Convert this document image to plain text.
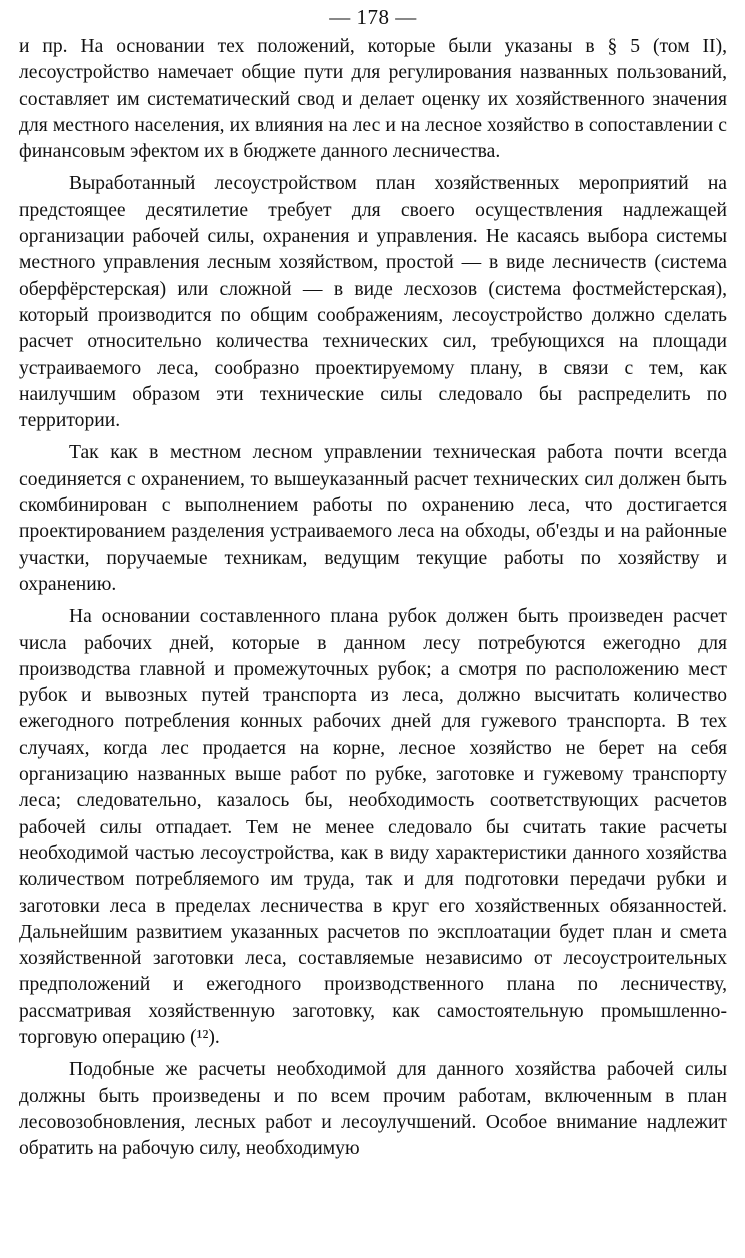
— 178 —

и пр. На основании тех положений, которые были указаны в § 5 (том II), лесоустройство намечает общие пути для регулирования названных пользований, составляет им систематический свод и делает оценку их хозяйственного значения для местного населения, их влияния на лес и на лесное хозяйство в сопоставлении с финансовым эфектом их в бюджете данного лесничества.

Выработанный лесоустройством план хозяйственных мероприятий на предстоящее десятилетие требует для своего осуществления надлежащей организации рабочей силы, охранения и управления. Не касаясь выбора системы местного управления лесным хозяйством, простой — в виде лесничеств (система оберфёрстерская) или сложной — в виде лесхозов (система фостмейстерская), который производится по общим соображениям, лесоустройство должно сделать расчет относительно количества технических сил, требующихся на площади устраиваемого леса, сообразно проектируемому плану, в связи с тем, как наилучшим образом эти технические силы следовало бы распределить по территории.

Так как в местном лесном управлении техническая работа почти всегда соединяется с охранением, то вышеуказанный расчет технических сил должен быть скомбинирован с выполнением работы по охранению леса, что достигается проектированием разделения устраиваемого леса на обходы, об'езды и на районные участки, поручаемые техникам, ведущим текущие работы по хозяйству и охранению.

На основании составленного плана рубок должен быть произведен расчет числа рабочих дней, которые в данном лесу потребуются ежегодно для производства главной и промежуточных рубок; а смотря по расположению мест рубок и вывозных путей транспорта из леса, должно высчитать количество ежегодного потребления конных рабочих дней для гужевого транспорта. В тех случаях, когда лес продается на корне, лесное хозяйство не берет на себя организацию названных выше работ по рубке, заготовке и гужевому транспорту леса; следовательно, казалось бы, необходимость соответствующих расчетов рабочей силы отпадает. Тем не менее следовало бы считать такие расчеты необходимой частью лесоустройства, как в виду характеристики данного хозяйства количеством потребляемого им труда, так и для подготовки передачи рубки и заготовки леса в пределах лесничества в круг его хозяйственных обязанностей. Дальнейшим развитием указанных расчетов по эксплоатации будет план и смета хозяйственной заготовки леса, составляемые независимо от лесоустроительных предположений и ежегодного производственного плана по лесничеству, рассматривая хозяйственную заготовку, как самостоятельную промышленно-торговую операцию (¹²).

Подобные же расчеты необходимой для данного хозяйства рабочей силы должны быть произведены и по всем прочим работам, включенным в план лесовозобновления, лесных работ и лесоулучшений. Особое внимание надлежит обратить на рабочую силу, необходимую
